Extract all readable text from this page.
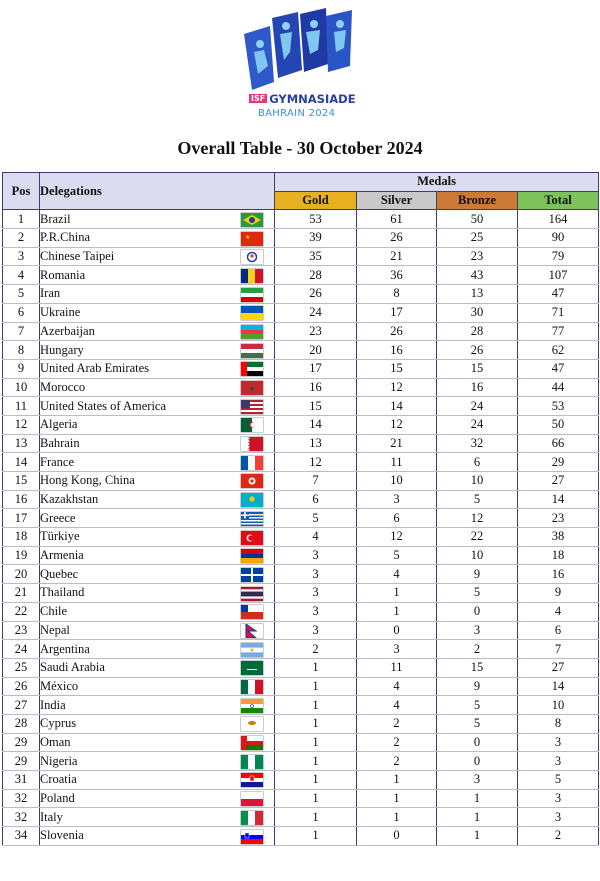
ISF GYMNASIADE
BAHRAIN 2024
Overall Table - 30 October 2024
Pos	Delegations		Medals			
			Gold	Silver	Bronze	Total
1	Brazil		53	61	50	164
2	P.R.China	★	39	26	25	90
3	Chinese Taipei		35	21	23	79
4	Romania		28	36	43	107
5	Iran		26	8	13	47
6	Ukraine		24	17	30	71
7	Azerbaijan		23	26	28	77
8	Hungary		20	16	26	62
9	United Arab Emirates		17	15	15	47
10	Morocco	★	16	12	16	44
11	United States of America		15	14	24	53
12	Algeria		14	12	24	50
13	Bahrain		13	21	32	66
14	France		12	11	6	29
15	Hong Kong, China		7	10	10	27
16	Kazakhstan		6	3	5	14
17	Greece		5	6	12	23
18	Türkiye		4	12	22	38
19	Armenia		3	5	10	18
20	Quebec		3	4	9	16
21	Thailand		3	1	5	9
22	Chile		3	1	0	4
23	Nepal		3	0	3	6
24	Argentina		2	3	2	7
25	Saudi Arabia		1	11	15	27
26	México		1	4	9	14
27	India		1	4	5	10
28	Cyprus		1	2	5	8
29	Oman		1	2	0	3
29	Nigeria		1	2	0	3
31	Croatia		1	1	3	5
32	Poland		1	1	1	3
32	Italy		1	1	1	3
34	Slovenia		1	0	1	2
